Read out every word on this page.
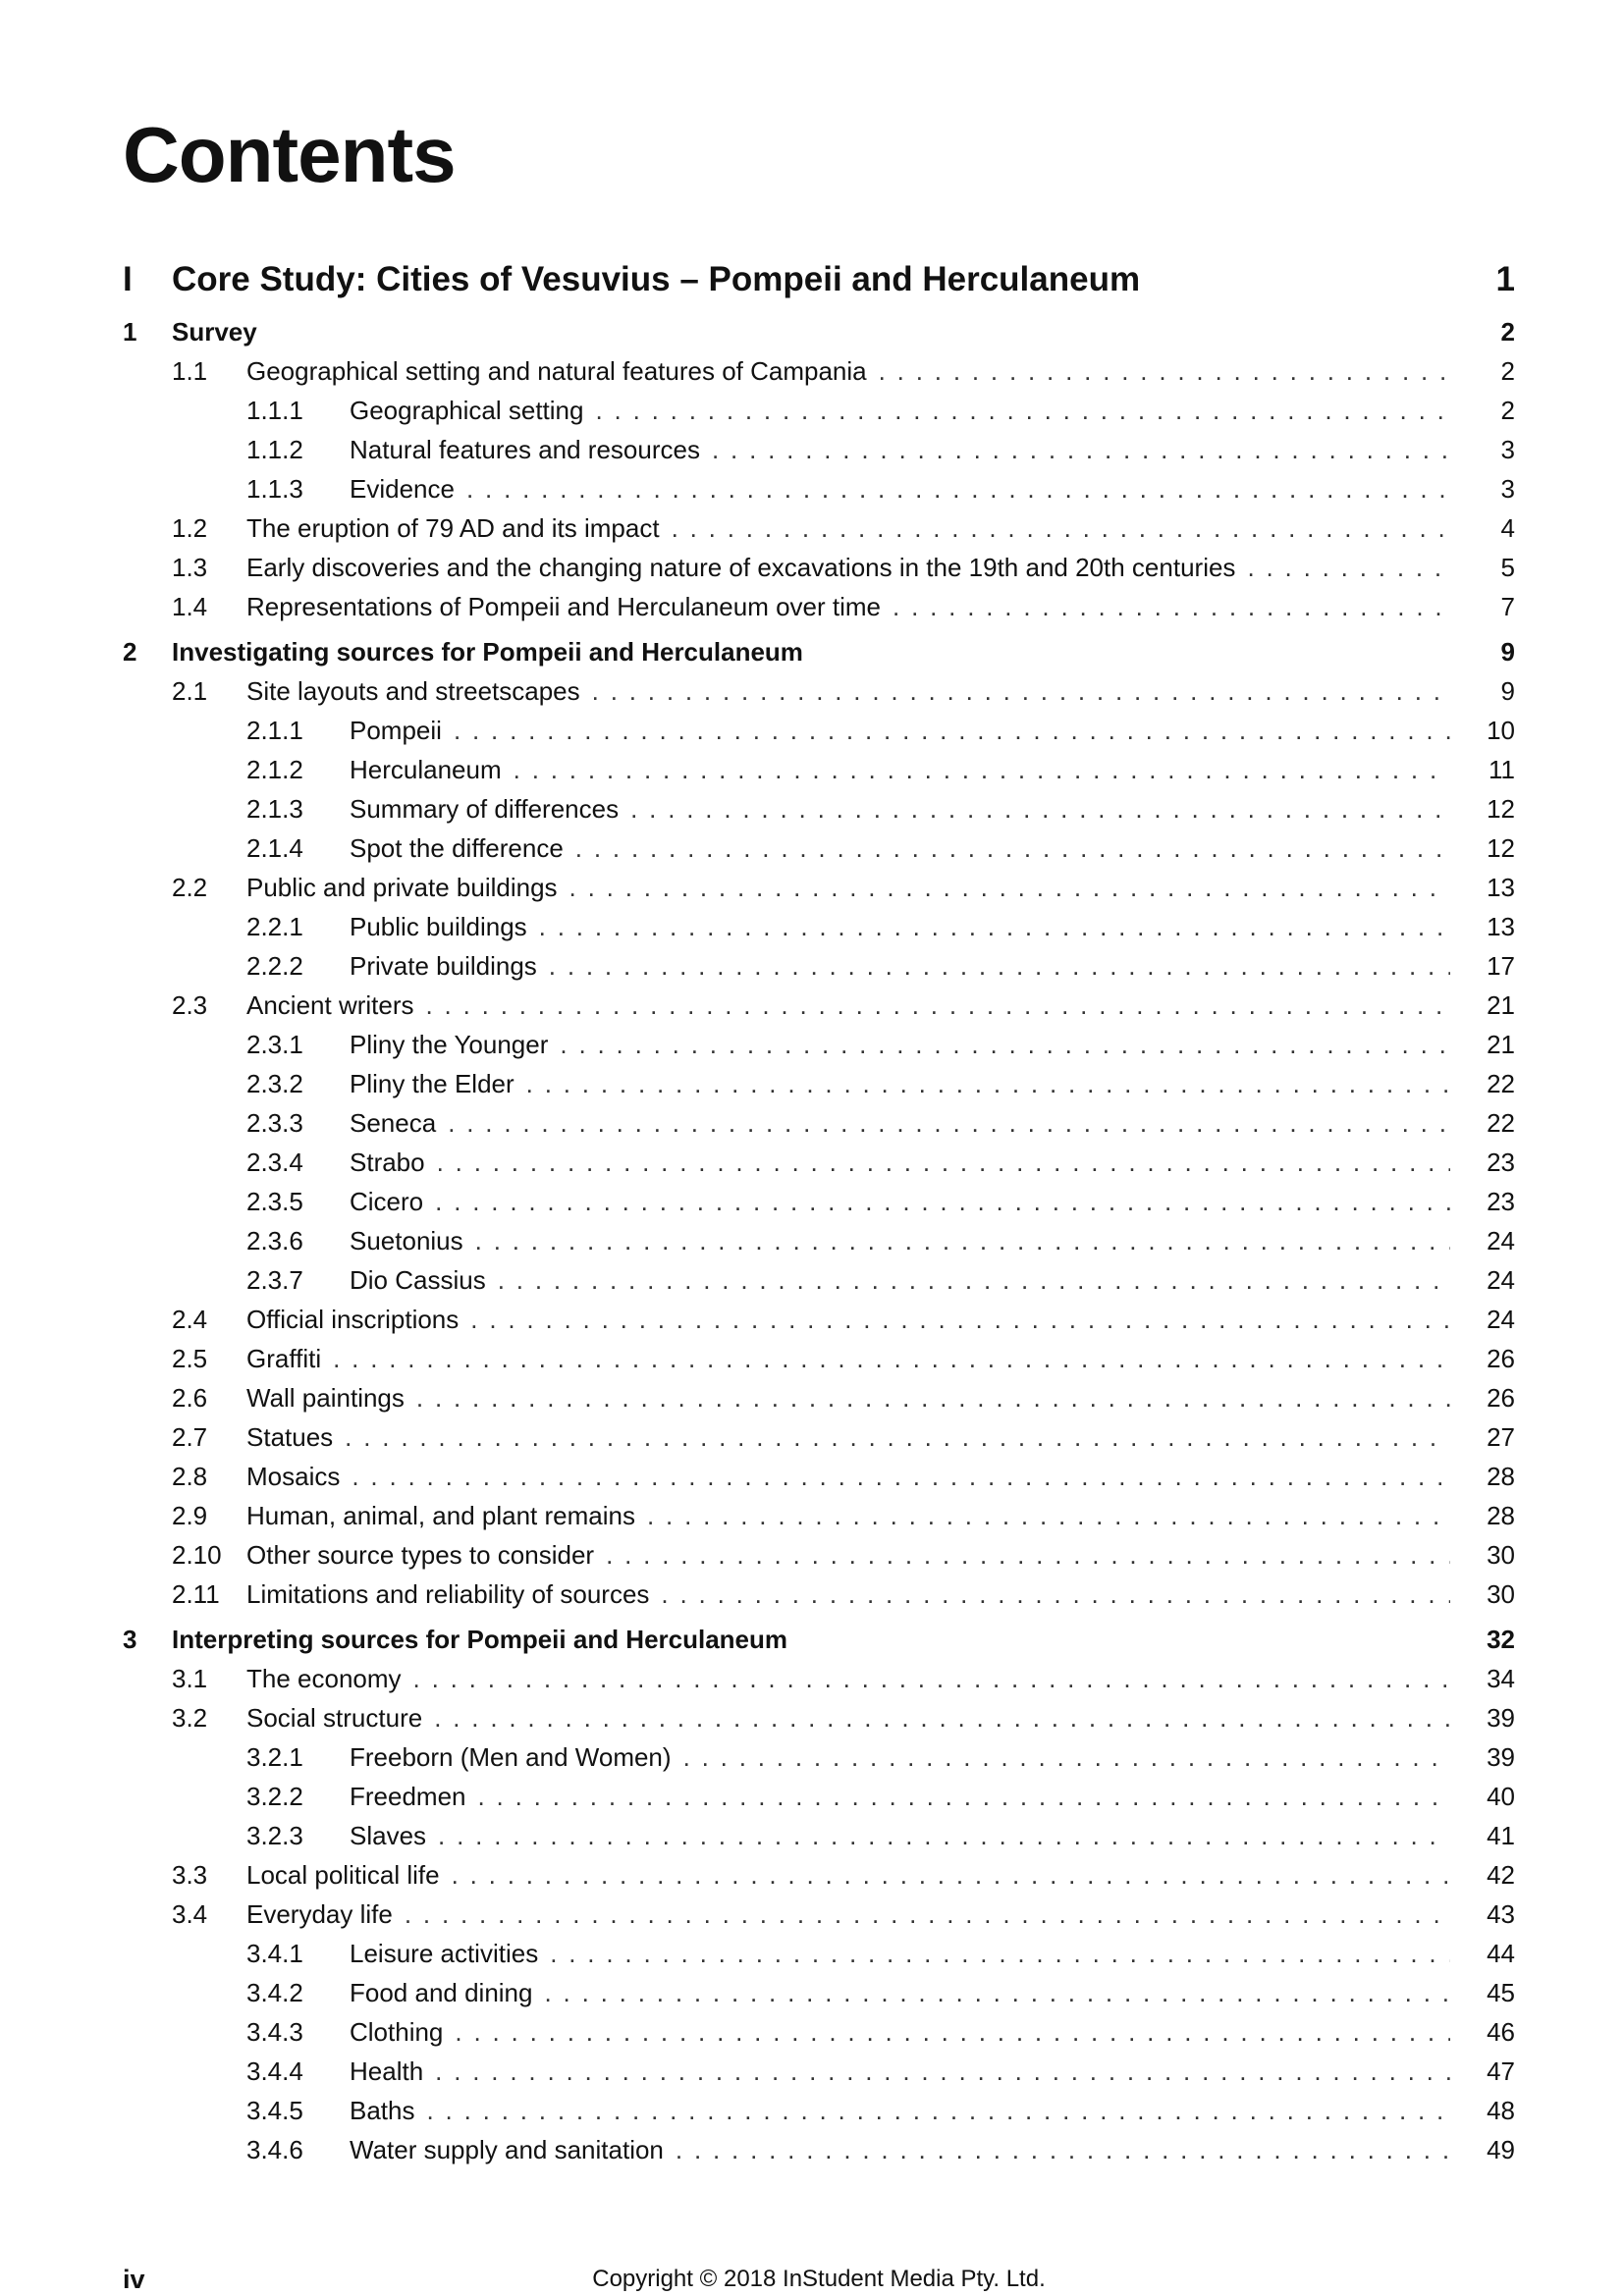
Contents
I	Core Study: Cities of Vesuvius – Pompeii and Herculaneum	1
1	Survey	2
1.1	Geographical setting and natural features of Campania . . .	2
1.1.1	Geographical setting . . .	2
1.1.2	Natural features and resources . . .	3
1.1.3	Evidence . . .	3
1.2	The eruption of 79 AD and its impact . . .	4
1.3	Early discoveries and the changing nature of excavations in the 19th and 20th centuries . . .	5
1.4	Representations of Pompeii and Herculaneum over time . . .	7
2	Investigating sources for Pompeii and Herculaneum	9
2.1	Site layouts and streetscapes . . .	9
2.1.1	Pompeii . . .	10
2.1.2	Herculaneum . . .	11
2.1.3	Summary of differences . . .	12
2.1.4	Spot the difference . . .	12
2.2	Public and private buildings . . .	13
2.2.1	Public buildings . . .	13
2.2.2	Private buildings . . .	17
2.3	Ancient writers . . .	21
2.3.1	Pliny the Younger . . .	21
2.3.2	Pliny the Elder . . .	22
2.3.3	Seneca . . .	22
2.3.4	Strabo . . .	23
2.3.5	Cicero . . .	23
2.3.6	Suetonius . . .	24
2.3.7	Dio Cassius . . .	24
2.4	Official inscriptions . . .	24
2.5	Graffiti . . .	26
2.6	Wall paintings . . .	26
2.7	Statues . . .	27
2.8	Mosaics . . .	28
2.9	Human, animal, and plant remains . . .	28
2.10 Other source types to consider . . .	30
2.11	Limitations and reliability of sources . . .	30
3	Interpreting sources for Pompeii and Herculaneum	32
3.1	The economy . . .	34
3.2	Social structure . . .	39
3.2.1	Freeborn (Men and Women) . . .	39
3.2.2	Freedmen . . .	40
3.2.3	Slaves . . .	41
3.3	Local political life . . .	42
3.4	Everyday life . . .	43
3.4.1	Leisure activities . . .	44
3.4.2	Food and dining . . .	45
3.4.3	Clothing . . .	46
3.4.4	Health . . .	47
3.4.5	Baths . . .	48
3.4.6	Water supply and sanitation . . .	49
iv	Copyright © 2018 InStudent Media Pty. Ltd.
